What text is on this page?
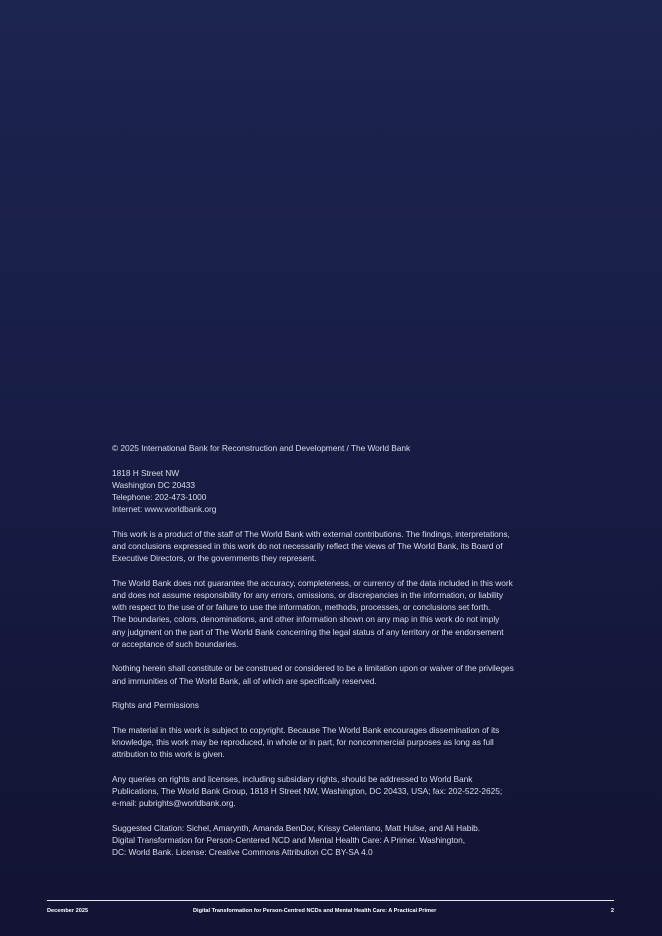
© 2025 International Bank for Reconstruction and Development / The World Bank

1818 H Street NW
Washington DC 20433
Telephone: 202-473-1000
Internet: www.worldbank.org

This work is a product of the staff of The World Bank with external contributions. The findings, interpretations,
and conclusions expressed in this work do not necessarily reflect the views of The World Bank, its Board of
Executive Directors, or the governments they represent.

The World Bank does not guarantee the accuracy, completeness, or currency of the data included in this work
and does not assume responsibility for any errors, omissions, or discrepancies in the information, or liability
with respect to the use of or failure to use the information, methods, processes, or conclusions set forth.
The boundaries, colors, denominations, and other information shown on any map in this work do not imply
any judgment on the part of The World Bank concerning the legal status of any territory or the endorsement
or acceptance of such boundaries.

Nothing herein shall constitute or be construed or considered to be a limitation upon or waiver of the privileges
and immunities of The World Bank, all of which are specifically reserved.

Rights and Permissions

The material in this work is subject to copyright. Because The World Bank encourages dissemination of its
knowledge, this work may be reproduced, in whole or in part, for noncommercial purposes as long as full
attribution to this work is given.

Any queries on rights and licenses, including subsidiary rights, should be addressed to World Bank
Publications, The World Bank Group, 1818 H Street NW, Washington, DC 20433, USA; fax: 202-522-2625;
e-mail: pubrights@worldbank.org.

Suggested Citation: Sichel, Amarynth, Amanda BenDor, Krissy Celentano, Matt Hulse, and Ali Habib.
Digital Transformation for Person-Centered NCD and Mental Health Care: A Primer. Washington,
DC: World Bank. License: Creative Commons Attribution CC BY-SA 4.0

December 2025	Digital Transformation for Person-Centred NCDs and Mental Health Care: A Practical Primer	2
